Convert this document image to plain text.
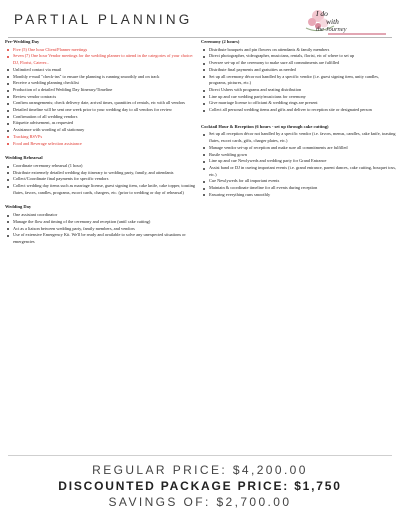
PARTIAL PLANNING	I do
with
the Journey
Pre-Wedding Day
Five (5) One hour Client/Planner meetings
Seven (7) One hour Vendor meetings for the wedding planner to attend in the categories of your choice: DJ, Florist, Caterer...
Unlimited contact via email
Monthly e-mail "check-ins" to ensure the planning is running smoothly and on track
Receive a wedding planning checklist
Production of a detailed Wedding Day Itinerary/Timeline
Review vendor contracts
Confirm arrangements; check delivery date, arrival times, quantities of rentals, etc with all vendors
Detailed timeline will be sent one week prior to your wedding day to all vendors for review
Confirmation of all wedding vendors
Etiquette advisement, as requested
Assistance with wording of all stationary
Tracking RSVPs
Food and Beverage selection assistance
Wedding Rehearsal
Coordinate ceremony rehearsal (1 hour)
Distribute extremely detailed wedding day itinerary to wedding party, family, and attendants
Collect/Coordinate final payments for specific vendors
Collect wedding day items such as marriage license, guest signing item, cake knife, cake topper, toasting flutes, favors, candles, programs, escort cards, chargers, etc. (prior to wedding or day of rehearsal)
Wedding Day
One assistant coordinator
Manage the flow and timing of the ceremony and reception (until cake cutting)
Act as a liaison between wedding party, family members, and vendors
Use of extensive Emergency Kit. We'll be ready and available to solve any unexpected situations or emergencies
Ceremony (2 hours)
Distribute bouquets and pin flowers on attendants & family members
Direct photographer, videographer, musicians, rentals, florist, etc of where to set up
Oversee set-up of the ceremony to make sure all commitments are fulfilled
Distribute final payments and gratuities as needed
Set up all ceremony décor not handled by a specific vendor (i.e. guest signing item, unity candles, programs, pictures, etc.)
Direct Ushers with programs and seating distribution
Line up and cue wedding party/musicians for ceremony
Give marriage license to officiant & wedding rings are present
Collect all personal wedding items and gifts and deliver to reception site or designated person
Cocktail Hour & Reception (6 hours - set up through cake cutting)
Set up all reception décor not handled by a specific vendor (i.e. favors, menus, candles, cake knife, toasting flutes, escort cards, gifts, charger plates, etc.)
Manage vendor set-up of reception and make sure all commitments are fulfilled
Bustle wedding gown
Line up and cue Newlyweds and wedding party for Grand Entrance
Assist band or DJ in cueing important events (i.e. grand entrance, parent dances, cake cutting, bouquet toss, etc.)
Cue Newlyweds for all important events
Maintain & coordinate timeline for all events during reception
Ensuring everything runs smoothly
REGULAR PRICE: $4,200.00
DISCOUNTED PACKAGE PRICE: $1,750
SAVINGS OF: $2,700.00
